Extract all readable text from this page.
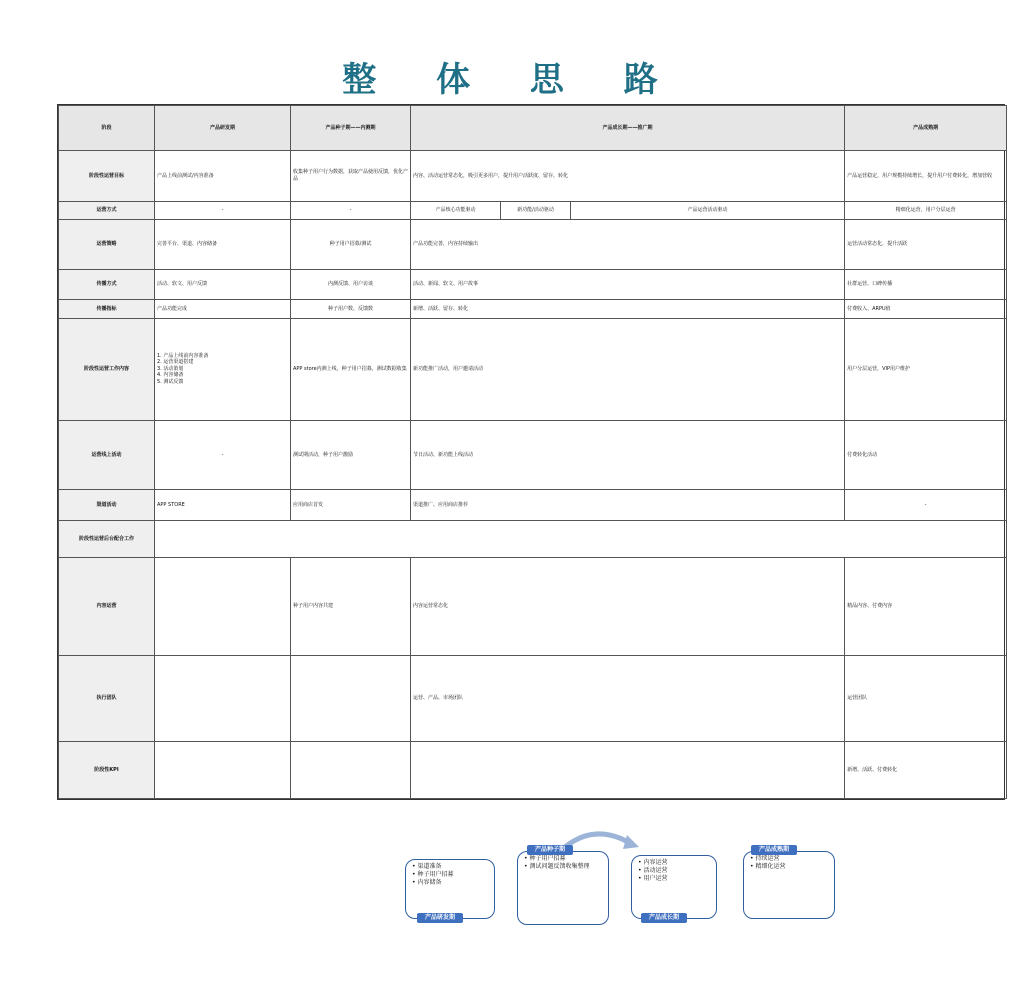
整 体 思 路
阶段	产品研发期	产品种子期——内测期	产品成长期——推广期			产品成熟期
阶段性运营目标	产品上线前测试/内容准备	收集种子用户行为数据，获取产品使用反馈，优化产品	内容、活动运营常态化，吸引更多用户，提升用户活跃度、留存、转化			产品运营稳定，用户规模持续增长，提升用户付费转化，增加营收
运营方式	-	-	产品核心功能驱动	新功能/活动驱动	产品运营活动驱动	精细化运营，用户分层运营
运营策略	完善平台、渠道、内容储备	种子用户招募/测试	产品功能完善，内容持续输出			运营活动常态化，提升活跃
传播方式	活动、软文、用户反馈	内测反馈、用户访谈	活动、新闻、软文、用户故事			社群运营、口碑传播
传播指标	产品功能完成	种子用户数、反馈数	新增、活跃、留存、转化			付费收入、ARPU值
阶段性运营工作内容	1. 产品上线前内容准备
2. 运营渠道搭建
3. 活动策划
4. 内容储备
5. 测试反馈	APP store内测上线，种子用户招募，测试数据收集	新功能推广活动，用户邀请活动			用户分层运营，VIP用户维护
运营线上活动	-	测试期活动，种子用户激励	节日活动、新功能上线活动			付费转化活动
渠道活动	APP STORE	应用商店首发	渠道推广、应用商店推荐			-
阶段性运营后台配合工作						
内容运营		种子用户内容共建	内容运营常态化			精品内容、付费内容
执行团队			运营、产品、市场团队			运营团队
阶段性KPI						新增、活跃、付费转化
• 渠道准备
• 种子用户招募
• 内容储备
产品研发期
• 种子用户招募
• 测试问题反馈收集整理
产品种子期
• 内容运营
• 活动运营
• 用户运营
产品成长期
• 持续运营
• 精细化运营
产品成熟期
